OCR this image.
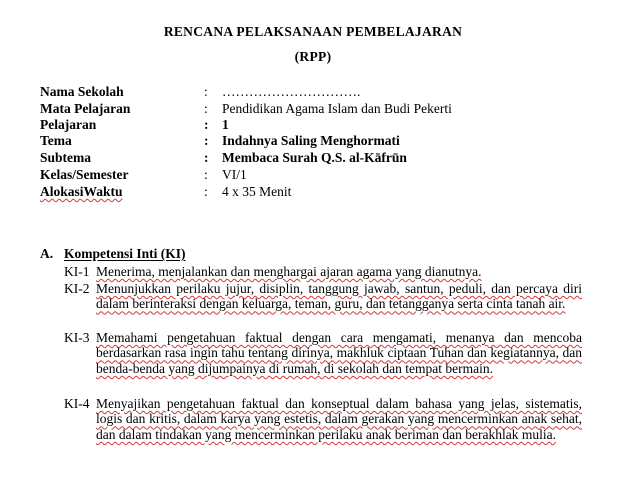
RENCANA PELAKSANAAN PEMBELAJARAN
(RPP)
Nama Sekolah	: ………………………….
Mata Pelajaran	: Pendidikan Agama Islam dan Budi Pekerti
Pelajaran	: 1
Tema	: Indahnya Saling Menghormati
Subtema	: Membaca Surah Q.S. al-Kāfrūn
Kelas/Semester	: VI/1
AlokasiWaktu	: 4 x 35 Menit
A. Kompetensi Inti (KI)
KI-1 Menerima, menjalankan dan menghargai ajaran agama yang dianutnya.
KI-2 Menunjukkan perilaku jujur, disiplin, tanggung jawab, santun, peduli, dan percaya diri dalam berinteraksi dengan keluarga, teman, guru, dan tetangganya serta cinta tanah air.
KI-3 Memahami pengetahuan faktual dengan cara mengamati, menanya dan mencoba berdasarkan rasa ingin tahu tentang dirinya, makhluk ciptaan Tuhan dan kegiatannya, dan benda-benda yang dijumpainya di rumah, di sekolah dan tempat bermain.
KI-4 Menyajikan pengetahuan faktual dan konseptual dalam bahasa yang jelas, sistematis, logis dan kritis, dalam karya yang estetis, dalam gerakan yang mencerminkan anak sehat, dan dalam tindakan yang mencerminkan perilaku anak beriman dan berakhlak mulia.
